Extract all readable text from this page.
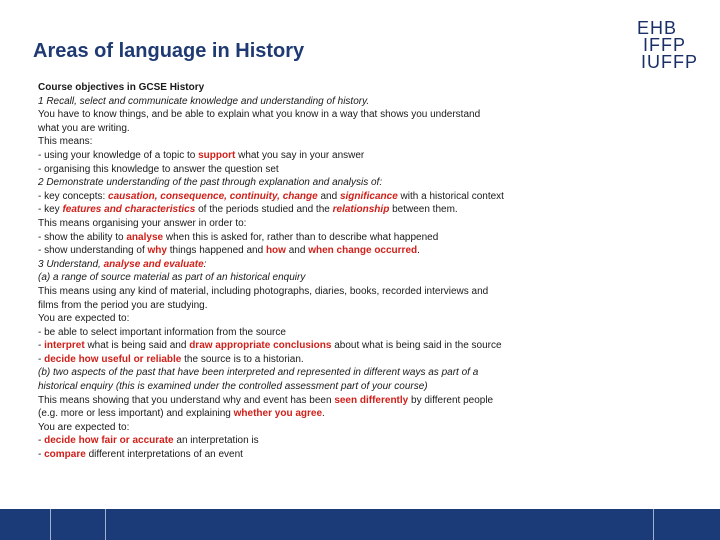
Areas of language in History
EHB
IFFP
IUFFP
Course objectives in GCSE History
1 Recall, select and communicate knowledge and understanding of history.
You have to know things, and be able to explain what you know in a way that shows you understand
what you are writing.
This means:
- using your knowledge of a topic to support what you say in your answer
- organising this knowledge to answer the question set
2 Demonstrate understanding of the past through explanation and analysis of:
- key concepts: causation, consequence, continuity, change and significance with a historical context
- key features and characteristics of the periods studied and the relationship between them.
This means organising your answer in order to:
- show the ability to analyse when this is asked for, rather than to describe what happened
- show understanding of why things happened and how and when change occurred.
3 Understand, analyse and evaluate:
(a) a range of source material as part of an historical enquiry
This means using any kind of material, including photographs, diaries, books, recorded interviews and
films from the period you are studying.
You are expected to:
- be able to select important information from the source
- interpret what is being said and draw appropriate conclusions about what is being said in the source
- decide how useful or reliable the source is to a historian.
(b) two aspects of the past that have been interpreted and represented in different ways as part of a
historical enquiry (this is examined under the controlled assessment part of your course)
This means showing that you understand why and event has been seen differently by different people
(e.g. more or less important) and explaining whether you agree.
You are expected to:
- decide how fair or accurate an interpretation is
- compare different interpretations of an event
